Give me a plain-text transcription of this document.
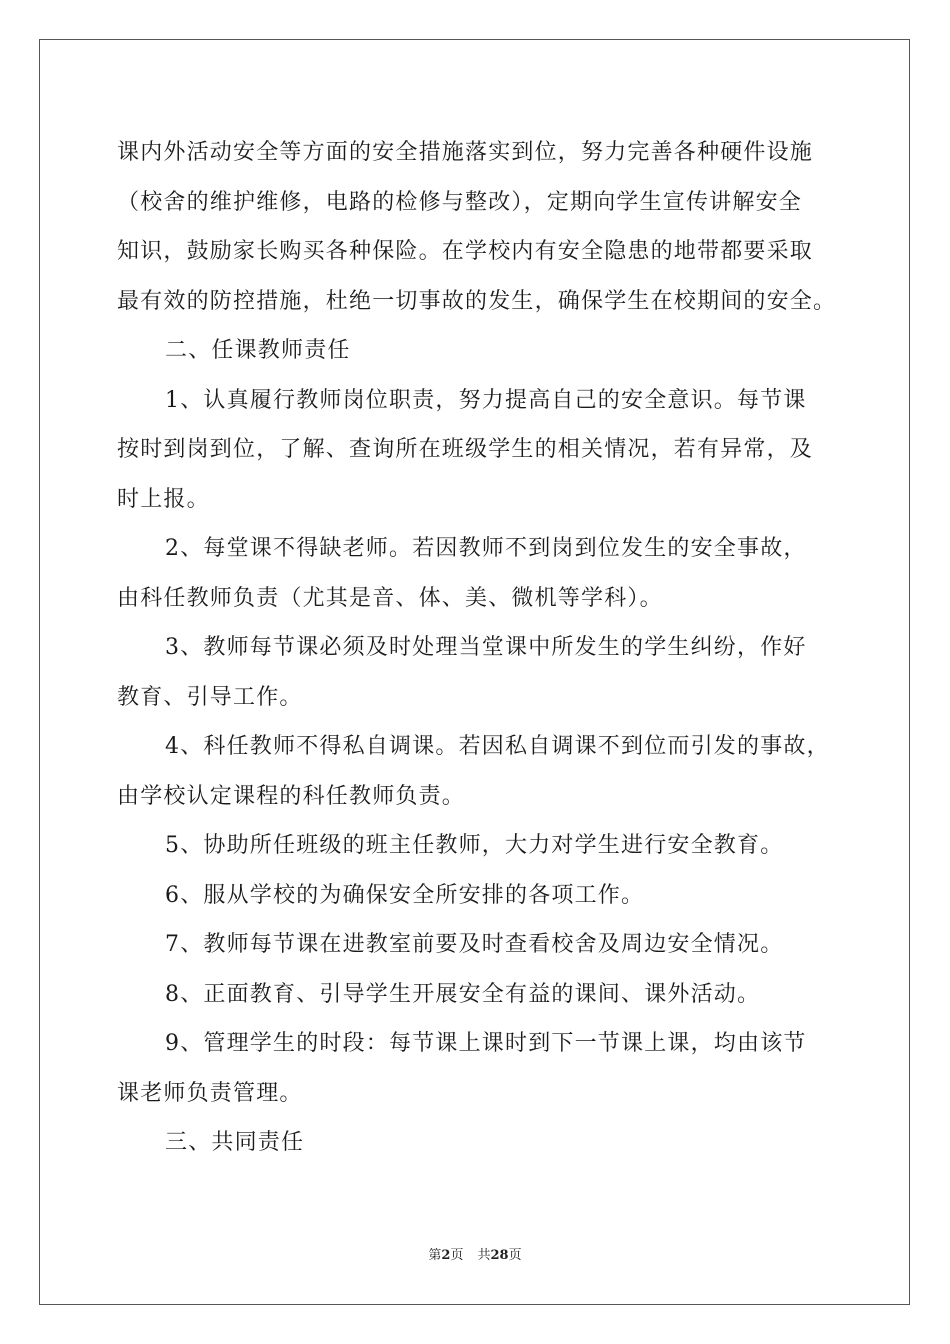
课内外活动安全等方面的安全措施落实到位，努力完善各种硬件设施
（校舍的维护维修，电路的检修与整改），定期向学生宣传讲解安全
知识，鼓励家长购买各种保险。在学校内有安全隐患的地带都要采取
最有效的防控措施，杜绝一切事故的发生，确保学生在校期间的安全。
二、任课教师责任
1、认真履行教师岗位职责，努力提高自己的安全意识。每节课
按时到岗到位，了解、查询所在班级学生的相关情况，若有异常，及
时上报。
2、每堂课不得缺老师。若因教师不到岗到位发生的安全事故，
由科任教师负责（尤其是音、体、美、微机等学科）。
3、教师每节课必须及时处理当堂课中所发生的学生纠纷，作好
教育、引导工作。
4、科任教师不得私自调课。若因私自调课不到位而引发的事故，
由学校认定课程的科任教师负责。
5、协助所任班级的班主任教师，大力对学生进行安全教育。
6、服从学校的为确保安全所安排的各项工作。
7、教师每节课在进教室前要及时查看校舍及周边安全情况。
8、正面教育、引导学生开展安全有益的课间、课外活动。
9、管理学生的时段：每节课上课时到下一节课上课，均由该节
课老师负责管理。
三、共同责任
第2页 共28页
